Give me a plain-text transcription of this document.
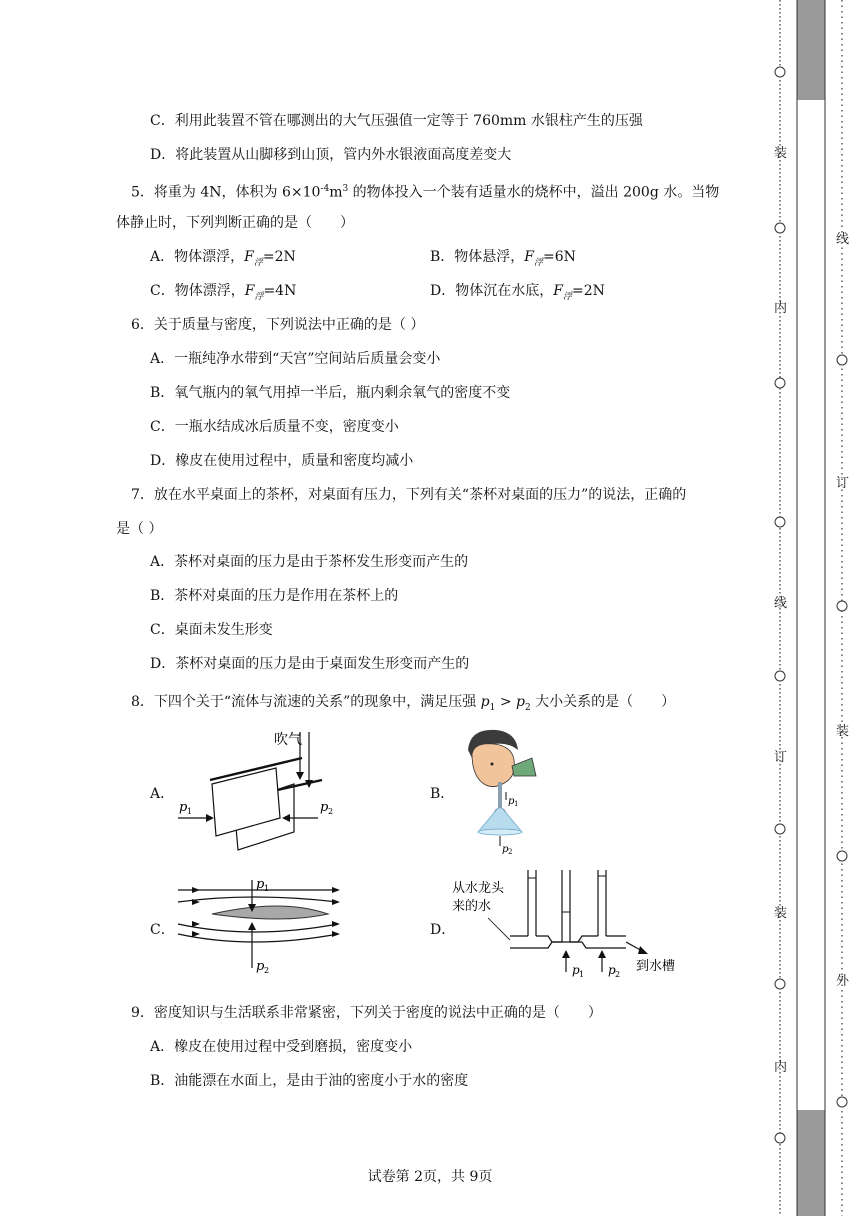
C．利用此装置不管在哪测出的大气压强值一定等于 760mm 水银柱产生的压强
D．将此装置从山脚移到山顶，管内外水银液面高度差变大
5．将重为 4N，体积为 $6\times 10^{-4}m^3$ 的物体投入一个装有适量水的烧杯中，溢出 200g 水。当物
体静止时，下列判断正确的是（　　）
A．物体漂浮，$F_浮=2N$	B．物体悬浮，$F_浮=6N$
C．物体漂浮，$F_浮=4N$	D．物体沉在水底，$F_浮=2N$
6．关于质量与密度，下列说法中正确的是（ ）
A．一瓶纯净水带到“天宫”空间站后质量会变小
B．氧气瓶内的氧气用掉一半后，瓶内剩余氧气的密度不变
C．一瓶水结成冰后质量不变，密度变小
D．橡皮在使用过程中，质量和密度均减小
7．放在水平桌面上的茶杯，对桌面有压力，下列有关“茶杯对桌面的压力”的说法，正确的
是（ ）
A．茶杯对桌面的压力是由于茶杯发生形变而产生的
B．茶杯对桌面的压力是作用在茶杯上的
C．桌面未发生形变
D．茶杯对桌面的压力是由于桌面发生形变而产生的
8．下四个关于“流体与流速的关系”的现象中，满足压强 $p_1 > p_2$ 大小关系的是（　　）
A．	B．
C．	D．
p 1	p 2
吹气
p 1
p 2
p 1
p 2	p 1 p 2
从水龙头
来的水
到水槽
9．密度知识与生活联系非常紧密，下列关于密度的说法中正确的是（　　）
A．橡皮在使用过程中受到磨损，密度变小
B．油能漂在水面上，是由于油的密度小于水的密度
试卷第 2页，共 9页
装
内
线
订
装
内
线
订
装
外
